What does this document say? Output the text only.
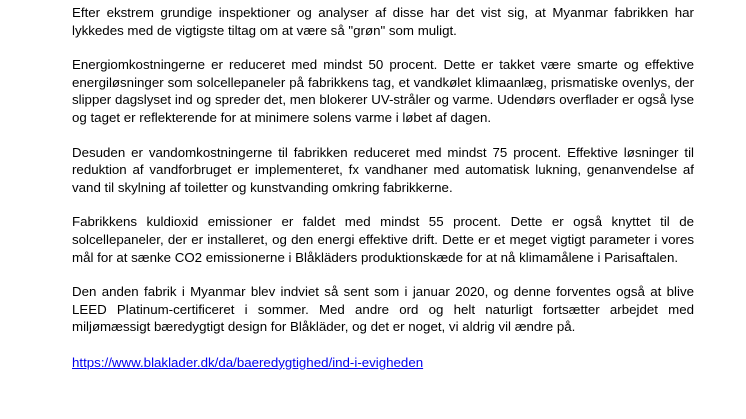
Efter ekstrem grundige inspektioner og analyser af disse har det vist sig, at Myanmar fabrikken har lykkedes med de vigtigste tiltag om at være så "grøn" som muligt.

Energiomkostningerne er reduceret med mindst 50 procent. Dette er takket være smarte og effektive energiløsninger som solcellepaneler på fabrikkens tag, et vandkølet klimaanlæg, prismatiske ovenlys, der slipper dagslyset ind og spreder det, men blokerer UV-stråler og varme. Udendørs overflader er også lyse og taget er reflekterende for at minimere solens varme i løbet af dagen.

Desuden er vandomkostningerne til fabrikken reduceret med mindst 75 procent. Effektive løsninger til reduktion af vandforbruget er implementeret, fx vandhaner med automatisk lukning, genanvendelse af vand til skylning af toiletter og kunstvanding omkring fabrikkerne.

Fabrikkens kuldioxid emissioner er faldet med mindst 55 procent. Dette er også knyttet til de solcellepaneler, der er installeret, og den energi effektive drift. Dette er et meget vigtigt parameter i vores mål for at sænke CO2 emissionerne i Blåkläders produktionskæde for at nå klimamålene i Parisaftalen.

Den anden fabrik i Myanmar blev indviet så sent som i januar 2020, og denne forventes også at blive LEED Platinum-certificeret i sommer. Med andre ord og helt naturligt fortsætter arbejdet med miljømæssigt bæredygtigt design for Blåkläder, og det er noget, vi aldrig vil ændre på.

https://www.blaklader.dk/da/baeredygtighed/ind-i-evigheden
